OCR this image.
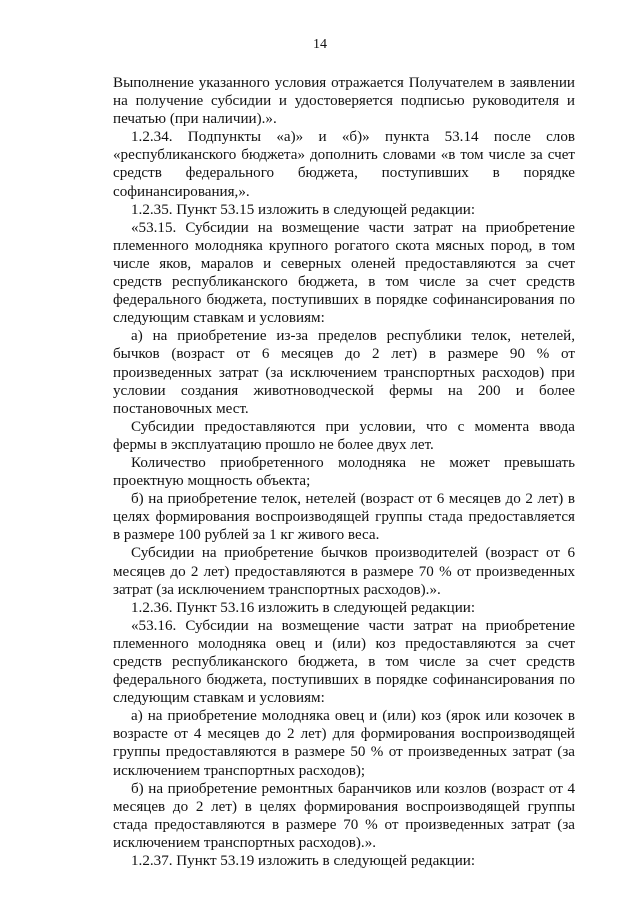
14

Выполнение указанного условия отражается Получателем в заявлении на получение субсидии и удостоверяется подписью руководителя и печатью (при наличии).».

1.2.34. Подпункты «а)» и «б)» пункта 53.14 после слов «республиканского бюджета» дополнить словами «в том числе за счет средств федерального бюджета, поступивших в порядке софинансирования,».

1.2.35. Пункт 53.15 изложить в следующей редакции:

«53.15. Субсидии на возмещение части затрат на приобретение племенного молодняка крупного рогатого скота мясных пород, в том числе яков, маралов и северных оленей предоставляются за счет средств республиканского бюджета, в том числе за счет средств федерального бюджета, поступивших в порядке софинансирования по следующим ставкам и условиям:

а) на приобретение из-за пределов республики телок, нетелей, бычков (возраст от 6 месяцев до 2 лет) в размере 90 % от произведенных затрат (за исключением транспортных расходов) при условии создания животноводческой фермы на 200 и более постановочных мест.

Субсидии предоставляются при условии, что с момента ввода фермы в эксплуатацию прошло не более двух лет.

Количество приобретенного молодняка не может превышать проектную мощность объекта;

б) на приобретение телок, нетелей (возраст от 6 месяцев до 2 лет) в целях формирования воспроизводящей группы стада предоставляется в размере 100 рублей за 1 кг живого веса.

Субсидии на приобретение бычков производителей (возраст от 6 месяцев до 2 лет) предоставляются в размере 70 % от произведенных затрат (за исключением транспортных расходов).».

1.2.36. Пункт 53.16 изложить в следующей редакции:

«53.16. Субсидии на возмещение части затрат на приобретение племенного молодняка овец и (или) коз предоставляются за счет средств республиканского бюджета, в том числе за счет средств федерального бюджета, поступивших в порядке софинансирования по следующим ставкам и условиям:

а) на приобретение молодняка овец и (или) коз (ярок или козочек в возрасте от 4 месяцев до 2 лет) для формирования воспроизводящей группы предоставляются в размере 50 % от произведенных затрат (за исключением транспортных расходов);

б) на приобретение ремонтных баранчиков или козлов (возраст от 4 месяцев до 2 лет) в целях формирования воспроизводящей группы стада предоставляются в размере 70 % от произведенных затрат (за исключением транспортных расходов).».

1.2.37. Пункт 53.19 изложить в следующей редакции:
